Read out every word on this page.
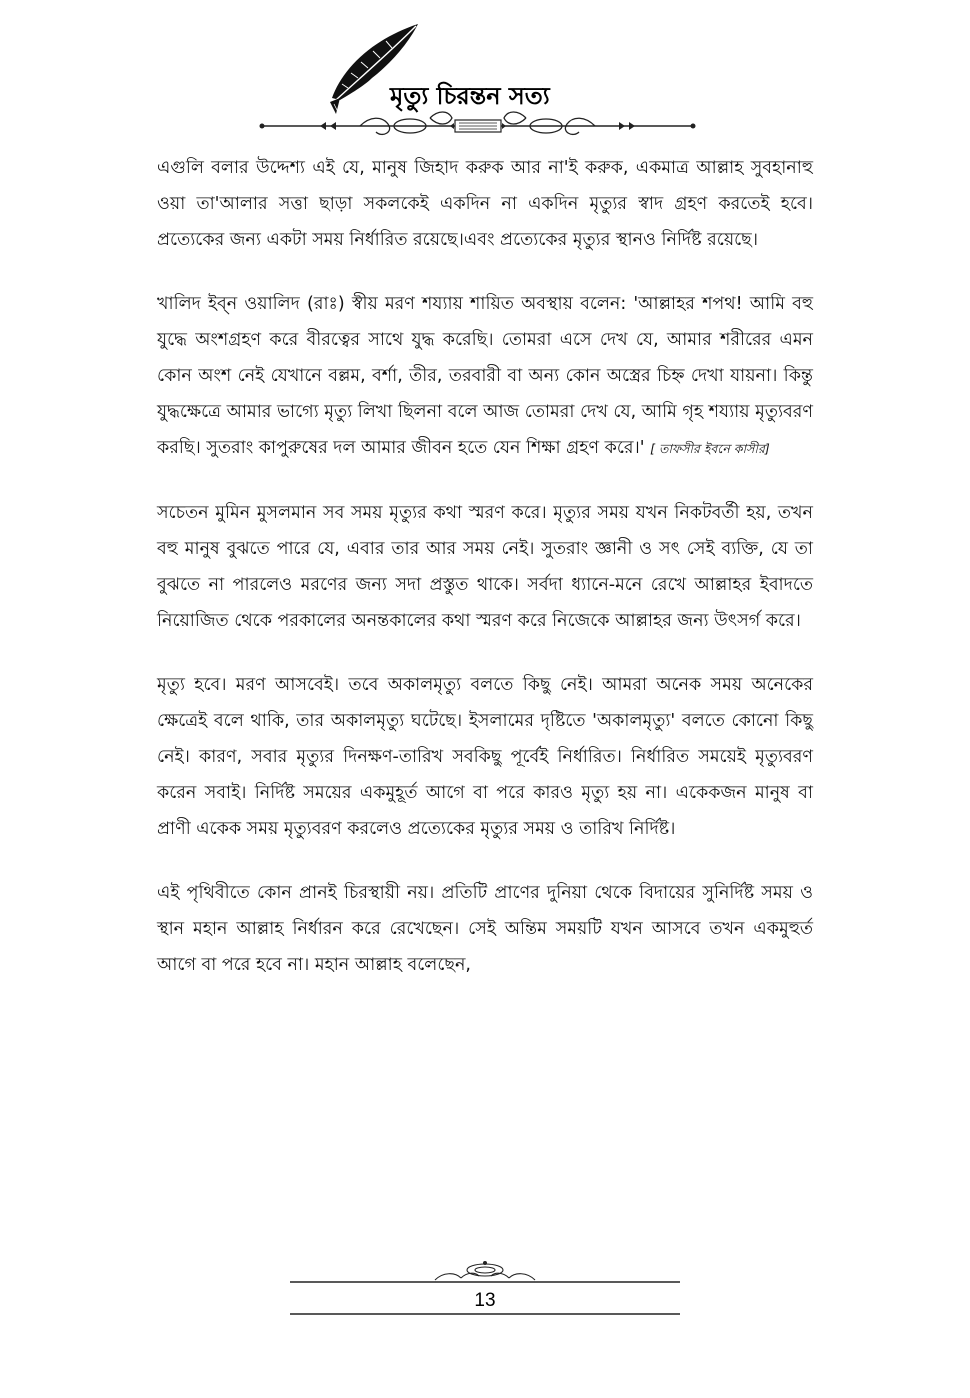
মৃত্যু চিরন্তন সত্য

এগুলি বলার উদ্দেশ্য এই যে, মানুষ জিহাদ করুক আর না'ই করুক, একমাত্র আল্লাহ সুবহানাহু ওয়া তা'আলার সত্তা ছাড়া সকলকেই একদিন না একদিন মৃত্যুর স্বাদ গ্রহণ করতেই হবে। প্রত্যেকের জন্য একটা সময় নির্ধারিত রয়েছে।এবং প্রত্যেকের মৃত্যুর স্থানও নির্দিষ্ট রয়েছে।

খালিদ ইব্ন ওয়ালিদ (রাঃ) স্বীয় মরণ শয্যায় শায়িত অবস্থায় বলেন: 'আল্লাহর শপথ! আমি বহু যুদ্ধে অংশগ্রহণ করে বীরত্বের সাথে যুদ্ধ করেছি। তোমরা এসে দেখ যে, আমার শরীরের এমন কোন অংশ নেই যেখানে বল্লম, বর্শা, তীর, তরবারী বা অন্য কোন অস্ত্রের চিহ্ন দেখা যায়না। কিন্তু যুদ্ধক্ষেত্রে আমার ভাগ্যে মৃত্যু লিখা ছিলনা বলে আজ তোমরা দেখ যে, আমি গৃহ শয্যায় মৃত্যুবরণ করছি। সুতরাং কাপুরুষের দল আমার জীবন হতে যেন শিক্ষা গ্রহণ করে।' [ তাফসীর ইবনে কাসীর]

সচেতন মুমিন মুসলমান সব সময় মৃত্যুর কথা স্মরণ করে। মৃত্যুর সময় যখন নিকটবর্তী হয়, তখন বহু মানুষ বুঝতে পারে যে, এবার তার আর সময় নেই। সুতরাং জ্ঞানী ও সৎ সেই ব্যক্তি, যে তা বুঝতে না পারলেও মরণের জন্য সদা প্রস্তুত থাকে। সর্বদা ধ্যানে-মনে রেখে আল্লাহর ইবাদতে নিয়োজিত থেকে পরকালের অনন্তকালের কথা স্মরণ করে নিজেকে আল্লাহর জন্য উৎসর্গ করে।

মৃত্যু হবে। মরণ আসবেই। তবে অকালমৃত্যু বলতে কিছু নেই। আমরা অনেক সময় অনেকের ক্ষেত্রেই বলে থাকি, তার অকালমৃত্যু ঘটেছে। ইসলামের দৃষ্টিতে 'অকালমৃত্যু' বলতে কোনো কিছু নেই। কারণ, সবার মৃত্যুর দিনক্ষণ-তারিখ সবকিছু পূর্বেই নির্ধারিত। নির্ধারিত সময়েই মৃত্যুবরণ করেন সবাই। নির্দিষ্ট সময়ের একমুহূর্ত আগে বা পরে কারও মৃত্যু হয় না। একেকজন মানুষ বা প্রাণী একেক সময় মৃত্যুবরণ করলেও প্রত্যেকের মৃত্যুর সময় ও তারিখ নির্দিষ্ট।

এই পৃথিবীতে কোন প্রানই চিরস্থায়ী নয়। প্রতিটি প্রাণের দুনিয়া থেকে বিদায়ের সুনির্দিষ্ট সময় ও স্থান মহান আল্লাহ নির্ধারন করে রেখেছেন। সেই অন্তিম সময়টি যখন আসবে তখন একমুহুর্ত আগে বা পরে হবে না। মহান আল্লাহ বলেছেন,

13
